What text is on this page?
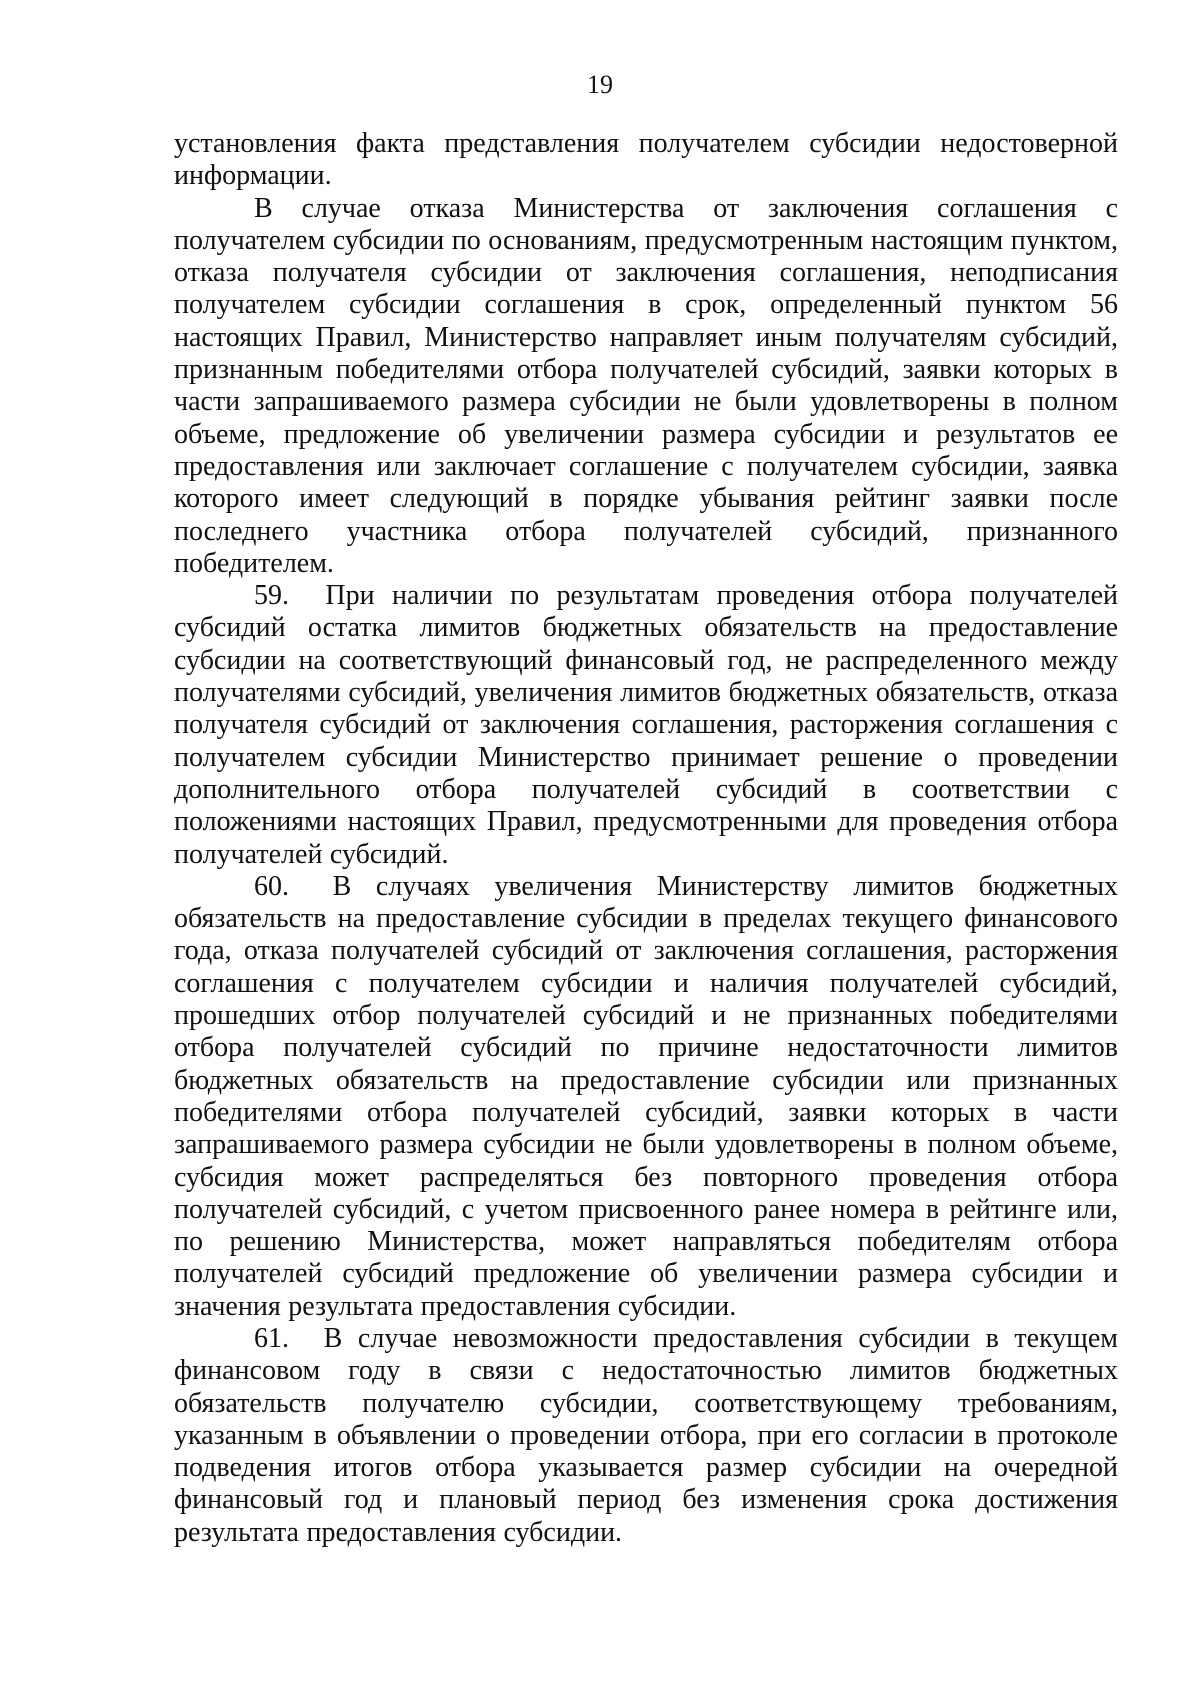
19

установления факта представления получателем субсидии недостоверной информации.

В случае отказа Министерства от заключения соглашения с получателем субсидии по основаниям, предусмотренным настоящим пунктом, отказа получателя субсидии от заключения соглашения, неподписания получателем субсидии соглашения в срок, определенный пунктом 56 настоящих Правил, Министерство направляет иным получателям субсидий, признанным победителями отбора получателей субсидий, заявки которых в части запрашиваемого размера субсидии не были удовлетворены в полном объеме, предложение об увеличении размера субсидии и результатов ее предоставления или заключает соглашение с получателем субсидии, заявка которого имеет следующий в порядке убывания рейтинг заявки после последнего участника отбора получателей субсидий, признанного победителем.

59. При наличии по результатам проведения отбора получателей субсидий остатка лимитов бюджетных обязательств на предоставление субсидии на соответствующий финансовый год, не распределенного между получателями субсидий, увеличения лимитов бюджетных обязательств, отказа получателя субсидий от заключения соглашения, расторжения соглашения с получателем субсидии Министерство принимает решение о проведении дополнительного отбора получателей субсидий в соответствии с положениями настоящих Правил, предусмотренными для проведения отбора получателей субсидий.

60. В случаях увеличения Министерству лимитов бюджетных обязательств на предоставление субсидии в пределах текущего финансового года, отказа получателей субсидий от заключения соглашения, расторжения соглашения с получателем субсидии и наличия получателей субсидий, прошедших отбор получателей субсидий и не признанных победителями отбора получателей субсидий по причине недостаточности лимитов бюджетных обязательств на предоставление субсидии или признанных победителями отбора получателей субсидий, заявки которых в части запрашиваемого размера субсидии не были удовлетворены в полном объеме, субсидия может распределяться без повторного проведения отбора получателей субсидий, с учетом присвоенного ранее номера в рейтинге или, по решению Министерства, может направляться победителям отбора получателей субсидий предложение об увеличении размера субсидии и значения результата предоставления субсидии.

61. В случае невозможности предоставления субсидии в текущем финансовом году в связи с недостаточностью лимитов бюджетных обязательств получателю субсидии, соответствующему требованиям, указанным в объявлении о проведении отбора, при его согласии в протоколе подведения итогов отбора указывается размер субсидии на очередной финансовый год и плановый период без изменения срока достижения результата предоставления субсидии.
